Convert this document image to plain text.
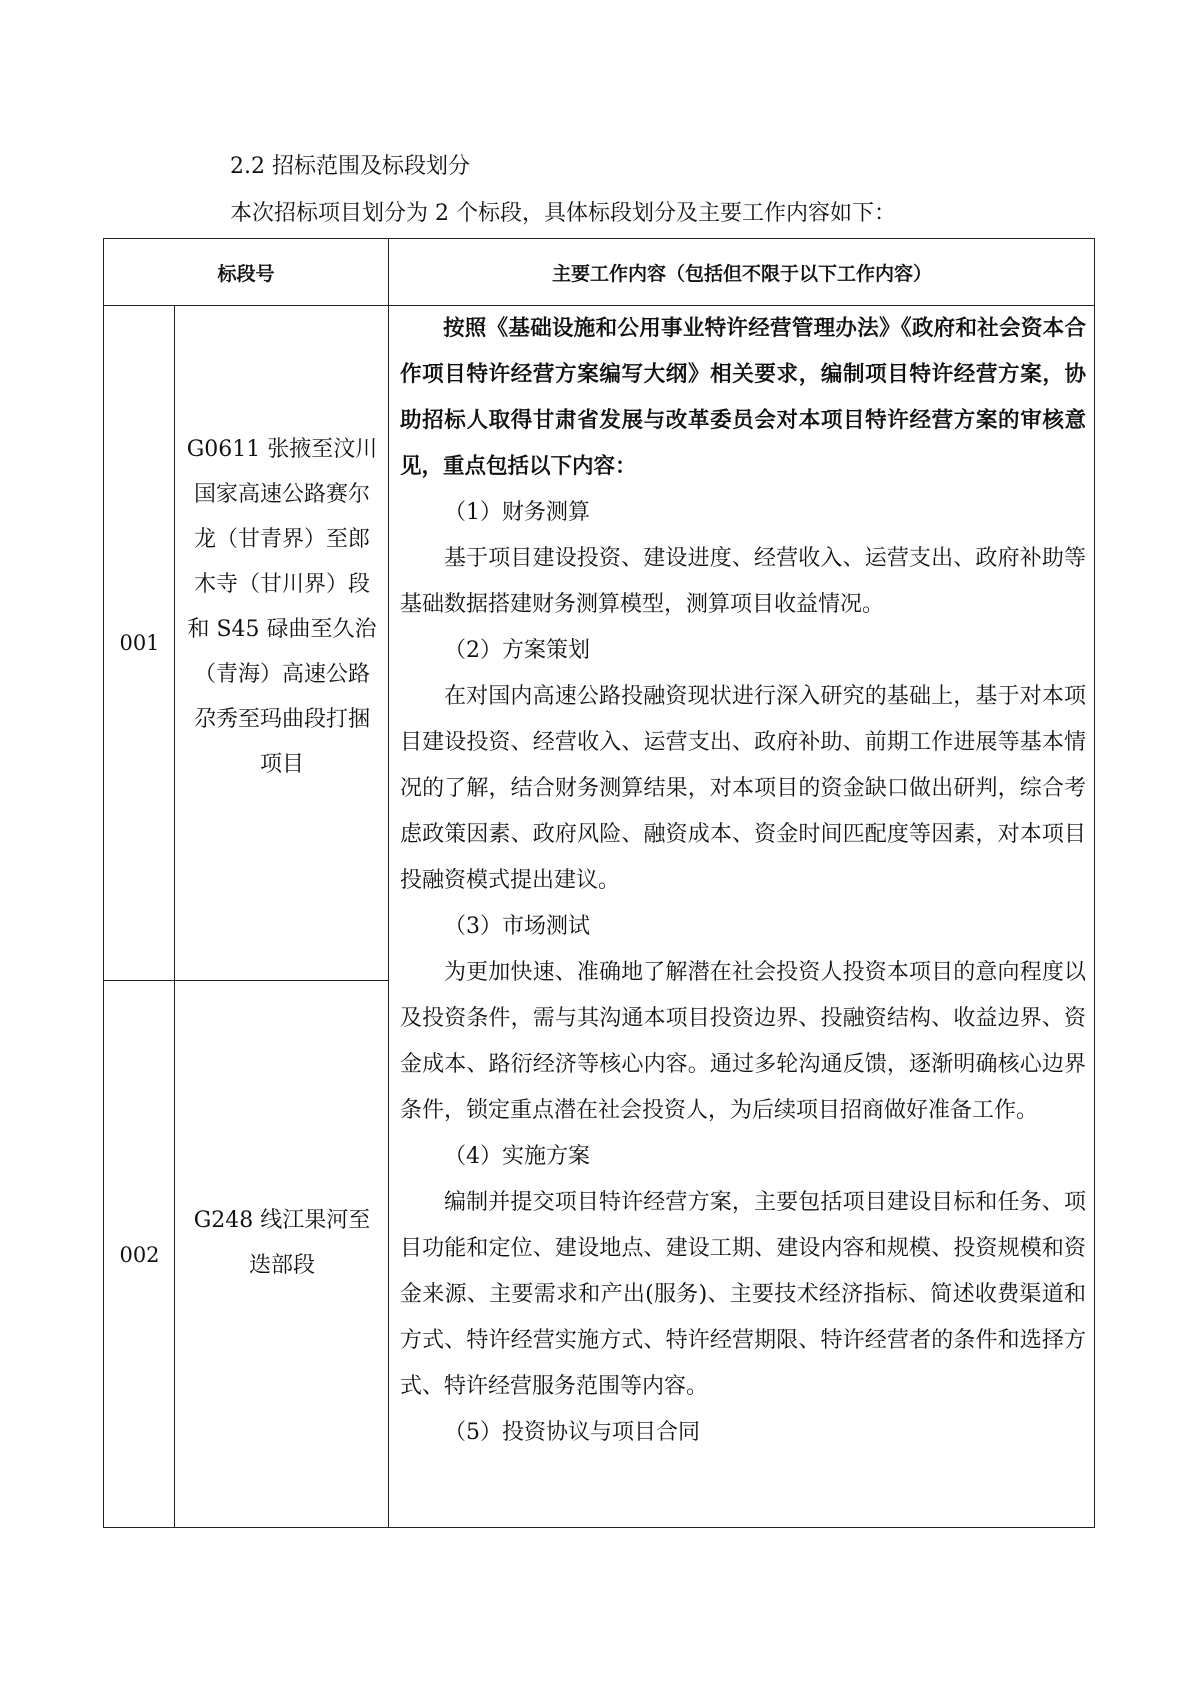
2.2 招标范围及标段划分
本次招标项目划分为 2 个标段，具体标段划分及主要工作内容如下：
标段号	主要工作内容（包括但不限于以下工作内容）
001
G0611 张掖至汶川国家高速公路赛尔龙（甘青界）至郎木寺（甘川界）段和 S45 碌曲至久治（青海）高速公路尕秀至玛曲段打捆项目
002
G248 线江果河至迭部段

按照《基础设施和公用事业特许经营管理办法》《政府和社会资本合作项目特许经营方案编写大纲》相关要求，编制项目特许经营方案，协助招标人取得甘肃省发展与改革委员会对本项目特许经营方案的审核意见，重点包括以下内容：

（1）财务测算

基于项目建设投资、建设进度、经营收入、运营支出、政府补助等基础数据搭建财务测算模型，测算项目收益情况。

（2）方案策划

在对国内高速公路投融资现状进行深入研究的基础上，基于对本项目建设投资、经营收入、运营支出、政府补助、前期工作进展等基本情况的了解，结合财务测算结果，对本项目的资金缺口做出研判，综合考虑政策因素、政府风险、融资成本、资金时间匹配度等因素，对本项目投融资模式提出建议。

（3）市场测试

为更加快速、准确地了解潜在社会投资人投资本项目的意向程度以及投资条件，需与其沟通本项目投资边界、投融资结构、收益边界、资金成本、路衍经济等核心内容。通过多轮沟通反馈，逐渐明确核心边界条件，锁定重点潜在社会投资人，为后续项目招商做好准备工作。

（4）实施方案

编制并提交项目特许经营方案，主要包括项目建设目标和任务、项目功能和定位、建设地点、建设工期、建设内容和规模、投资规模和资金来源、主要需求和产出(服务)、主要技术经济指标、简述收费渠道和方式、特许经营实施方式、特许经营期限、特许经营者的条件和选择方式、特许经营服务范围等内容。

（5）投资协议与项目合同
